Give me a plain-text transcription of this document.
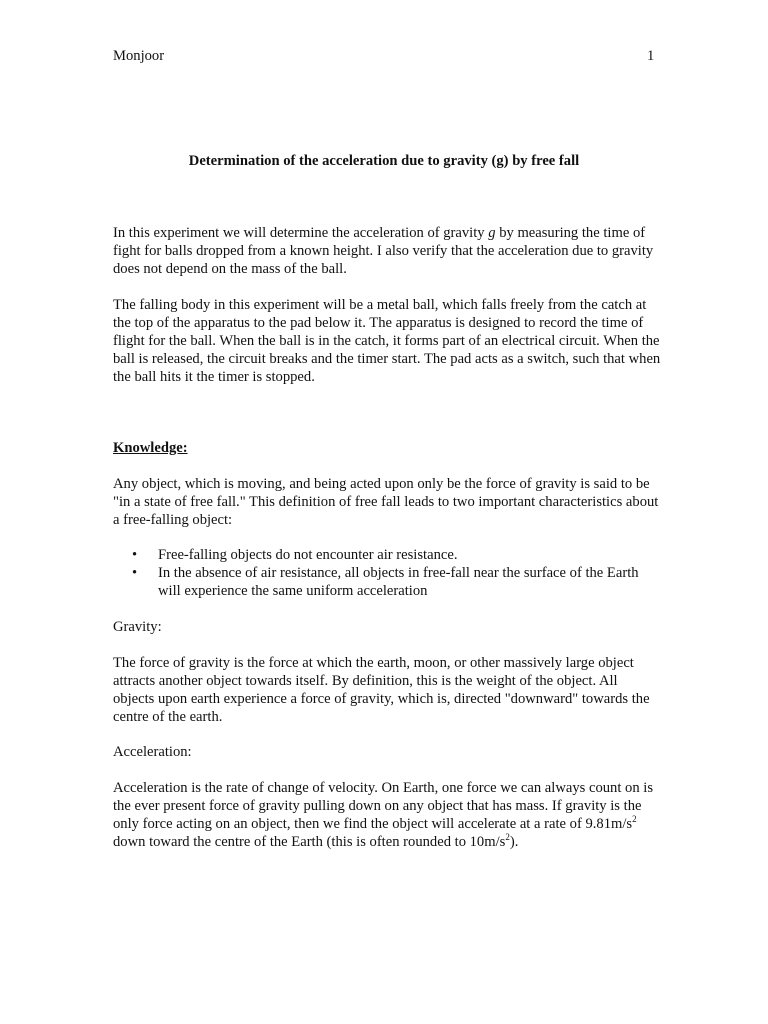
Monjoor	1
Determination of the acceleration due to gravity (g) by free fall

In this experiment we will determine the acceleration of gravity g by measuring the time of fight for balls dropped from a known height. I also verify that the acceleration due to gravity does not depend on the mass of the ball.

The falling body in this experiment will be a metal ball, which falls freely from the catch at the top of the apparatus to the pad below it. The apparatus is designed to record the time of flight for the ball. When the ball is in the catch, it forms part of an electrical circuit. When the ball is released, the circuit breaks and the timer start. The pad acts as a switch, such that when the ball hits it the timer is stopped.

Knowledge:

Any object, which is moving, and being acted upon only be the force of gravity is said to be "in a state of free fall." This definition of free fall leads to two important characteristics about a free-falling object:

• Free-falling objects do not encounter air resistance.
• In the absence of air resistance, all objects in free-fall near the surface of the Earth will experience the same uniform acceleration

Gravity:

The force of gravity is the force at which the earth, moon, or other massively large object attracts another object towards itself. By definition, this is the weight of the object. All objects upon earth experience a force of gravity, which is, directed "downward" towards the centre of the earth.

Acceleration:

Acceleration is the rate of change of velocity. On Earth, one force we can always count on is the ever present force of gravity pulling down on any object that has mass. If gravity is the only force acting on an object, then we find the object will accelerate at a rate of $9.81m/s^2$ down toward the centre of the Earth (this is often rounded to $10m/s^2$).
